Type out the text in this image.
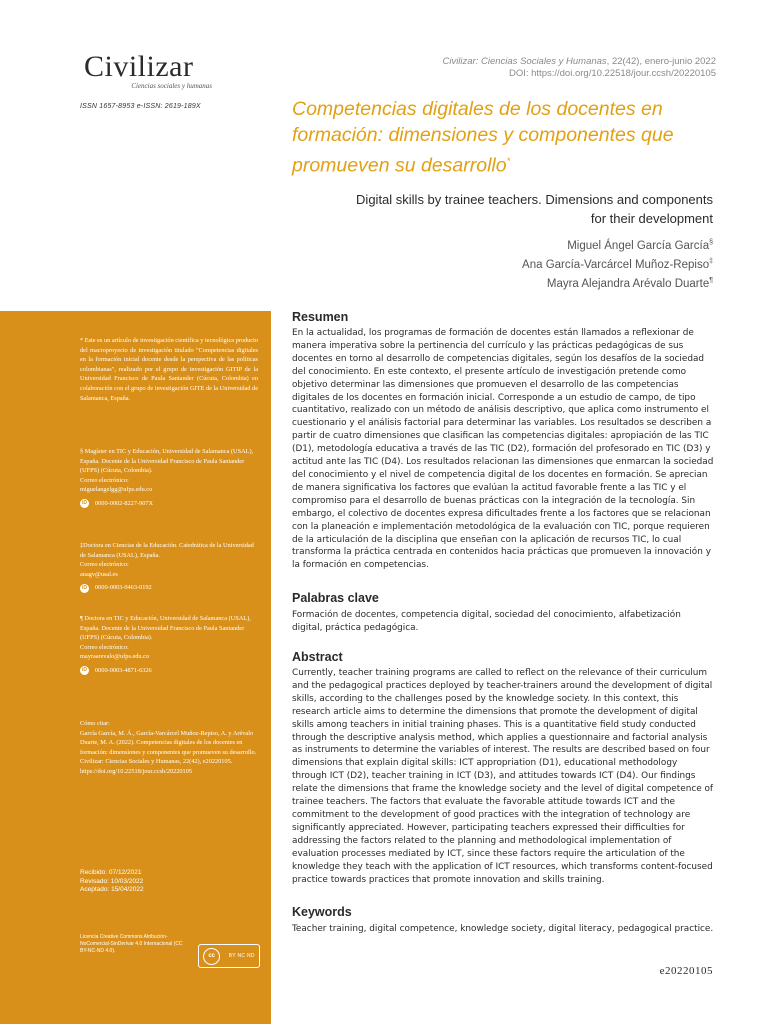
Civilizar
Ciencias sociales y humanas
ISSN 1657-8953 e-ISSN: 2619-189X
Civilizar: Ciencias Sociales y Humanas, 22(42), enero-junio 2022
DOI: https://doi.org/10.22518/jour.ccsh/20220105
Competencias digitales de los docentes en formación: dimensiones y componentes que promueven su desarrollo*
Digital skills by trainee teachers. Dimensions and components for their development
Miguel Ángel García García§
Ana García-Varcárcel Muñoz-Repiso‡
Mayra Alejandra Arévalo Duarte¶
* Este es un artículo de investigación científica y tecnológica producto del macroproyecto de investigación titulado "Competencias digitales en la formación inicial docente desde la perspectiva de las políticas colombianas", realizado por el grupo de investigación GITIP de la Universidad Francisco de Paula Santander (Cúcuta, Colombia) en colaboración con el grupo de investigación GITE de la Universidad de Salamanca, España.

§ Magíster en TIC y Educación, Universidad de Salamanca (USAL), España. Docente de la Universidad Francisco de Paula Santander (UFPS) (Cúcuta, Colombia).

Correo electrónico:

miguelangelgg@ufps.edu.co

iD	0000-0002-8227-907X

‡Doctora en Ciencias de la Educación. Catedrática de la Universidad de Salamanca (USAL), España.

Correo electrónico:

anagv@usal.es

iD	0000-0003-0463-0192

¶ Doctora en TIC y Educación, Universidad de Salamanca (USAL), España. Docente de la Universidad Francisco de Paula Santander (UFPS) (Cúcuta, Colombia).

Correo electrónico:

mayraarevalo@ufps.edu.co

iD	0000-0003-4871-6326

Cómo citar:

García García, M. Á., García-Varcárcel Muñoz-Repiso, A. y Arévalo Duarte, M. A. (2022). Competencias digitales de los docentes en formación: dimensiones y componentes que promueven su desarrollo. Civilizar: Ciencias Sociales y Humanas, 22(42), e20220105. https://doi.org/10.22518/jour.ccsh/20220105

Recibido: 07/12/2021
Revisado: 10/03/2022
Aceptado: 15/04/2022
Licencia Creative Commons Atribución-NoComercial-SinDerivar 4.0 Internacional (CC BY-NC-ND 4.0).
cc	BY NC ND
Resumen

En la actualidad, los programas de formación de docentes están llamados a reflexionar de manera imperativa sobre la pertinencia del currículo y las prácticas pedagógicas de sus docentes en torno al desarrollo de competencias digitales, según los desafíos de la sociedad del conocimiento. En este contexto, el presente artículo de investigación pretende como objetivo determinar las dimensiones que promueven el desarrollo de las competencias digitales de los docentes en formación inicial. Corresponde a un estudio de campo, de tipo cuantitativo, realizado con un método de análisis descriptivo, que aplica como instrumento el cuestionario y el análisis factorial para determinar las variables. Los resultados se describen a partir de cuatro dimensiones que clasifican las competencias digitales: apropiación de las TIC (D1), metodología educativa a través de las TIC (D2), formación del profesorado en TIC (D3) y actitud ante las TIC (D4). Los resultados relacionan las dimensiones que enmarcan la sociedad del conocimiento y el nivel de competencia digital de los docentes en formación. Se aprecian de manera significativa los factores que evalúan la actitud favorable frente a las TIC y el compromiso para el desarrollo de buenas prácticas con la integración de la tecnología. Sin embargo, el colectivo de docentes expresa dificultades frente a los factores que se relacionan con la planeación e implementación metodológica de la evaluación con TIC, porque requieren de la articulación de la disciplina que enseñan con la aplicación de recursos TIC, lo cual transforma la práctica centrada en contenidos hacia prácticas que promueven la innovación y la formación en competencias.

Palabras clave

Formación de docentes, competencia digital, sociedad del conocimiento, alfabetización digital, práctica pedagógica.

Abstract

Currently, teacher training programs are called to reflect on the relevance of their curriculum and the pedagogical practices deployed by teacher-trainers around the development of digital skills, according to the challenges posed by the knowledge society. In this context, this research article aims to determine the dimensions that promote the development of digital skills among teachers in initial training phases. This is a quantitative field study conducted through the descriptive analysis method, which applies a questionnaire and factorial analysis as instruments to determine the variables of interest. The results are described based on four dimensions that explain digital skills: ICT appropriation (D1), educational methodology through ICT (D2), teacher training in ICT (D3), and attitudes towards ICT (D4). Our findings relate the dimensions that frame the knowledge society and the level of digital competence of trainee teachers. The factors that evaluate the favorable attitude towards ICT and the commitment to the development of good practices with the integration of technology are significantly appreciated. However, participating teachers expressed their difficulties for addressing the factors related to the planning and methodological implementation of evaluation processes mediated by ICT, since these factors require the articulation of the knowledge they teach with the application of ICT resources, which transforms content-focused practice towards practices that promote innovation and skills training.

Keywords

Teacher training, digital competence, knowledge society, digital literacy, pedagogical practice.

e20220105
